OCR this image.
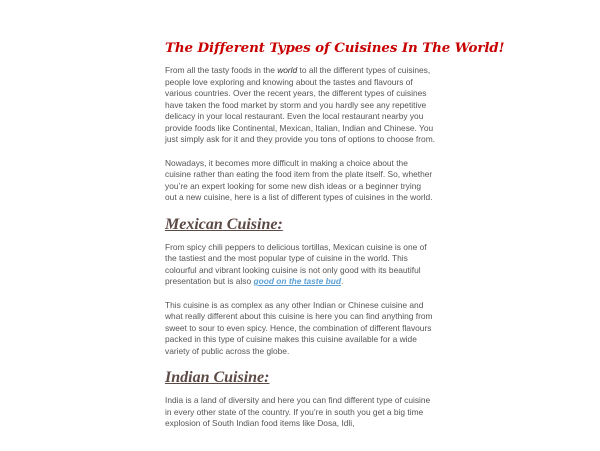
The Different Types of Cuisines In The World!

From all the tasty foods in the world to all the different types of cuisines, people love exploring and knowing about the tastes and flavours of various countries. Over the recent years, the different types of cuisines have taken the food market by storm and you hardly see any repetitive delicacy in your local restaurant. Even the local restaurant nearby you provide foods like Continental, Mexican, Italian, Indian and Chinese. You just simply ask for it and they provide you tons of options to choose from.

Nowadays, it becomes more difficult in making a choice about the cuisine rather than eating the food item from the plate itself. So, whether you’re an expert looking for some new dish ideas or a beginner trying out a new cuisine, here is a list of different types of cuisines in the world.

Mexican Cuisine:

From spicy chili peppers to delicious tortillas, Mexican cuisine is one of the tastiest and the most popular type of cuisine in the world. This colourful and vibrant looking cuisine is not only good with its beautiful presentation but is also good on the taste bud.

This cuisine is as complex as any other Indian or Chinese cuisine and what really different about this cuisine is here you can find anything from sweet to sour to even spicy. Hence, the combination of different flavours packed in this type of cuisine makes this cuisine available for a wide variety of public across the globe.

Indian Cuisine:

India is a land of diversity and here you can find different type of cuisine in every other state of the country. If you’re in south you get a big time explosion of South Indian food items like Dosa, Idli,
